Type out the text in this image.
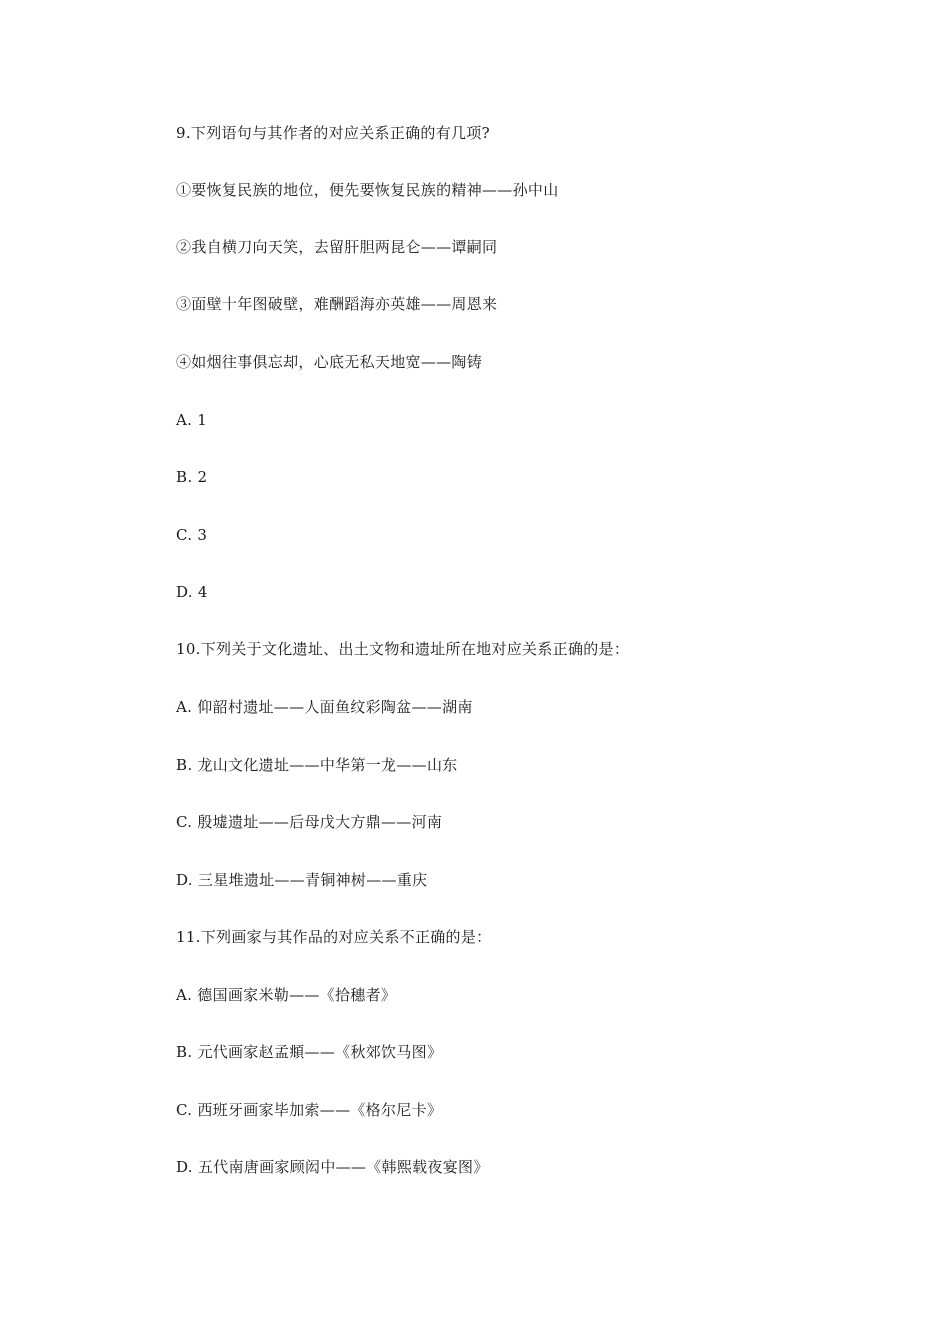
9.下列语句与其作者的对应关系正确的有几项?
①要恢复民族的地位，便先要恢复民族的精神——孙中山
②我自横刀向天笑，去留肝胆两昆仑——谭嗣同
③面壁十年图破壁，难酬蹈海亦英雄——周恩来
④如烟往事俱忘却，心底无私天地宽——陶铸
A. 1
B. 2
C. 3
D. 4
10.下列关于文化遗址、出土文物和遗址所在地对应关系正确的是：
A. 仰韶村遗址——人面鱼纹彩陶盆——湖南
B. 龙山文化遗址——中华第一龙——山东
C. 殷墟遗址——后母戊大方鼎——河南
D. 三星堆遗址——青铜神树——重庆
11.下列画家与其作品的对应关系不正确的是：
A. 德国画家米勒——《拾穗者》
B. 元代画家赵孟頫——《秋郊饮马图》
C. 西班牙画家毕加索——《格尔尼卡》
D. 五代南唐画家顾闳中——《韩熙载夜宴图》
